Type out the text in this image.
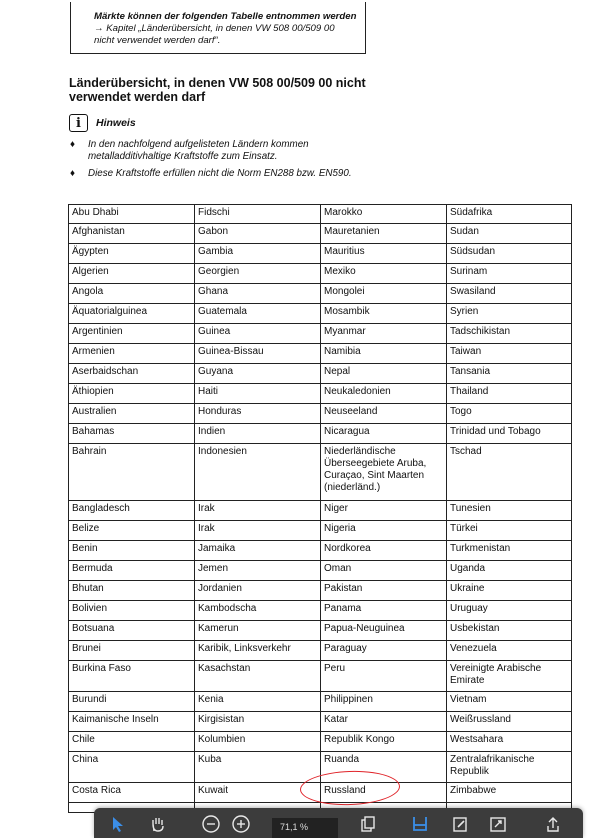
Märkte können der folgenden Tabelle entnommen werden → Kapitel „Länderübersicht, in denen VW 508 00/509 00 nicht verwendet werden darf“.
Länderübersicht, in denen VW 508 00/509 00 nicht verwendet werden darf
i	Hinweis
♦ In den nachfolgend aufgelisteten Ländern kommen metalladditivhaltige Kraftstoffe zum Einsatz.
♦ Diese Kraftstoffe erfüllen nicht die Norm EN288 bzw. EN590.
Abu Dhabi	Fidschi	Marokko	Südafrika
Afghanistan	Gabon	Mauretanien	Sudan
Ägypten	Gambia	Mauritius	Südsudan
Algerien	Georgien	Mexiko	Surinam
Angola	Ghana	Mongolei	Swasiland
Äquatorialguinea	Guatemala	Mosambik	Syrien
Argentinien	Guinea	Myanmar	Tadschikistan
Armenien	Guinea-Bissau	Namibia	Taiwan
Aserbaidschan	Guyana	Nepal	Tansania
Äthiopien	Haiti	Neukaledonien	Thailand
Australien	Honduras	Neuseeland	Togo
Bahamas	Indien	Nicaragua	Trinidad und Tobago
Bahrain	Indonesien	Niederländische Überseegebiete Aruba, Curaçao, Sint Maarten (niederländ.)	Tschad
Bangladesch	Irak	Niger	Tunesien
Belize	Irak	Nigeria	Türkei
Benin	Jamaika	Nordkorea	Turkmenistan
Bermuda	Jemen	Oman	Uganda
Bhutan	Jordanien	Pakistan	Ukraine
Bolivien	Kambodscha	Panama	Uruguay
Botsuana	Kamerun	Papua-Neuguinea	Usbekistan
Brunei	Karibik, Linksverkehr	Paraguay	Venezuela
Burkina Faso	Kasachstan	Peru	Vereinigte Arabische Emirate
Burundi	Kenia	Philippinen	Vietnam
Kaimanische Inseln	Kirgisistan	Katar	Weißrussland
Chile	Kolumbien	Republik Kongo	Westsahara
China	Kuba	Ruanda	Zentralafrikanische Republik
Costa Rica	Kuwait	Russland	Zimbabwe

71,1 %
